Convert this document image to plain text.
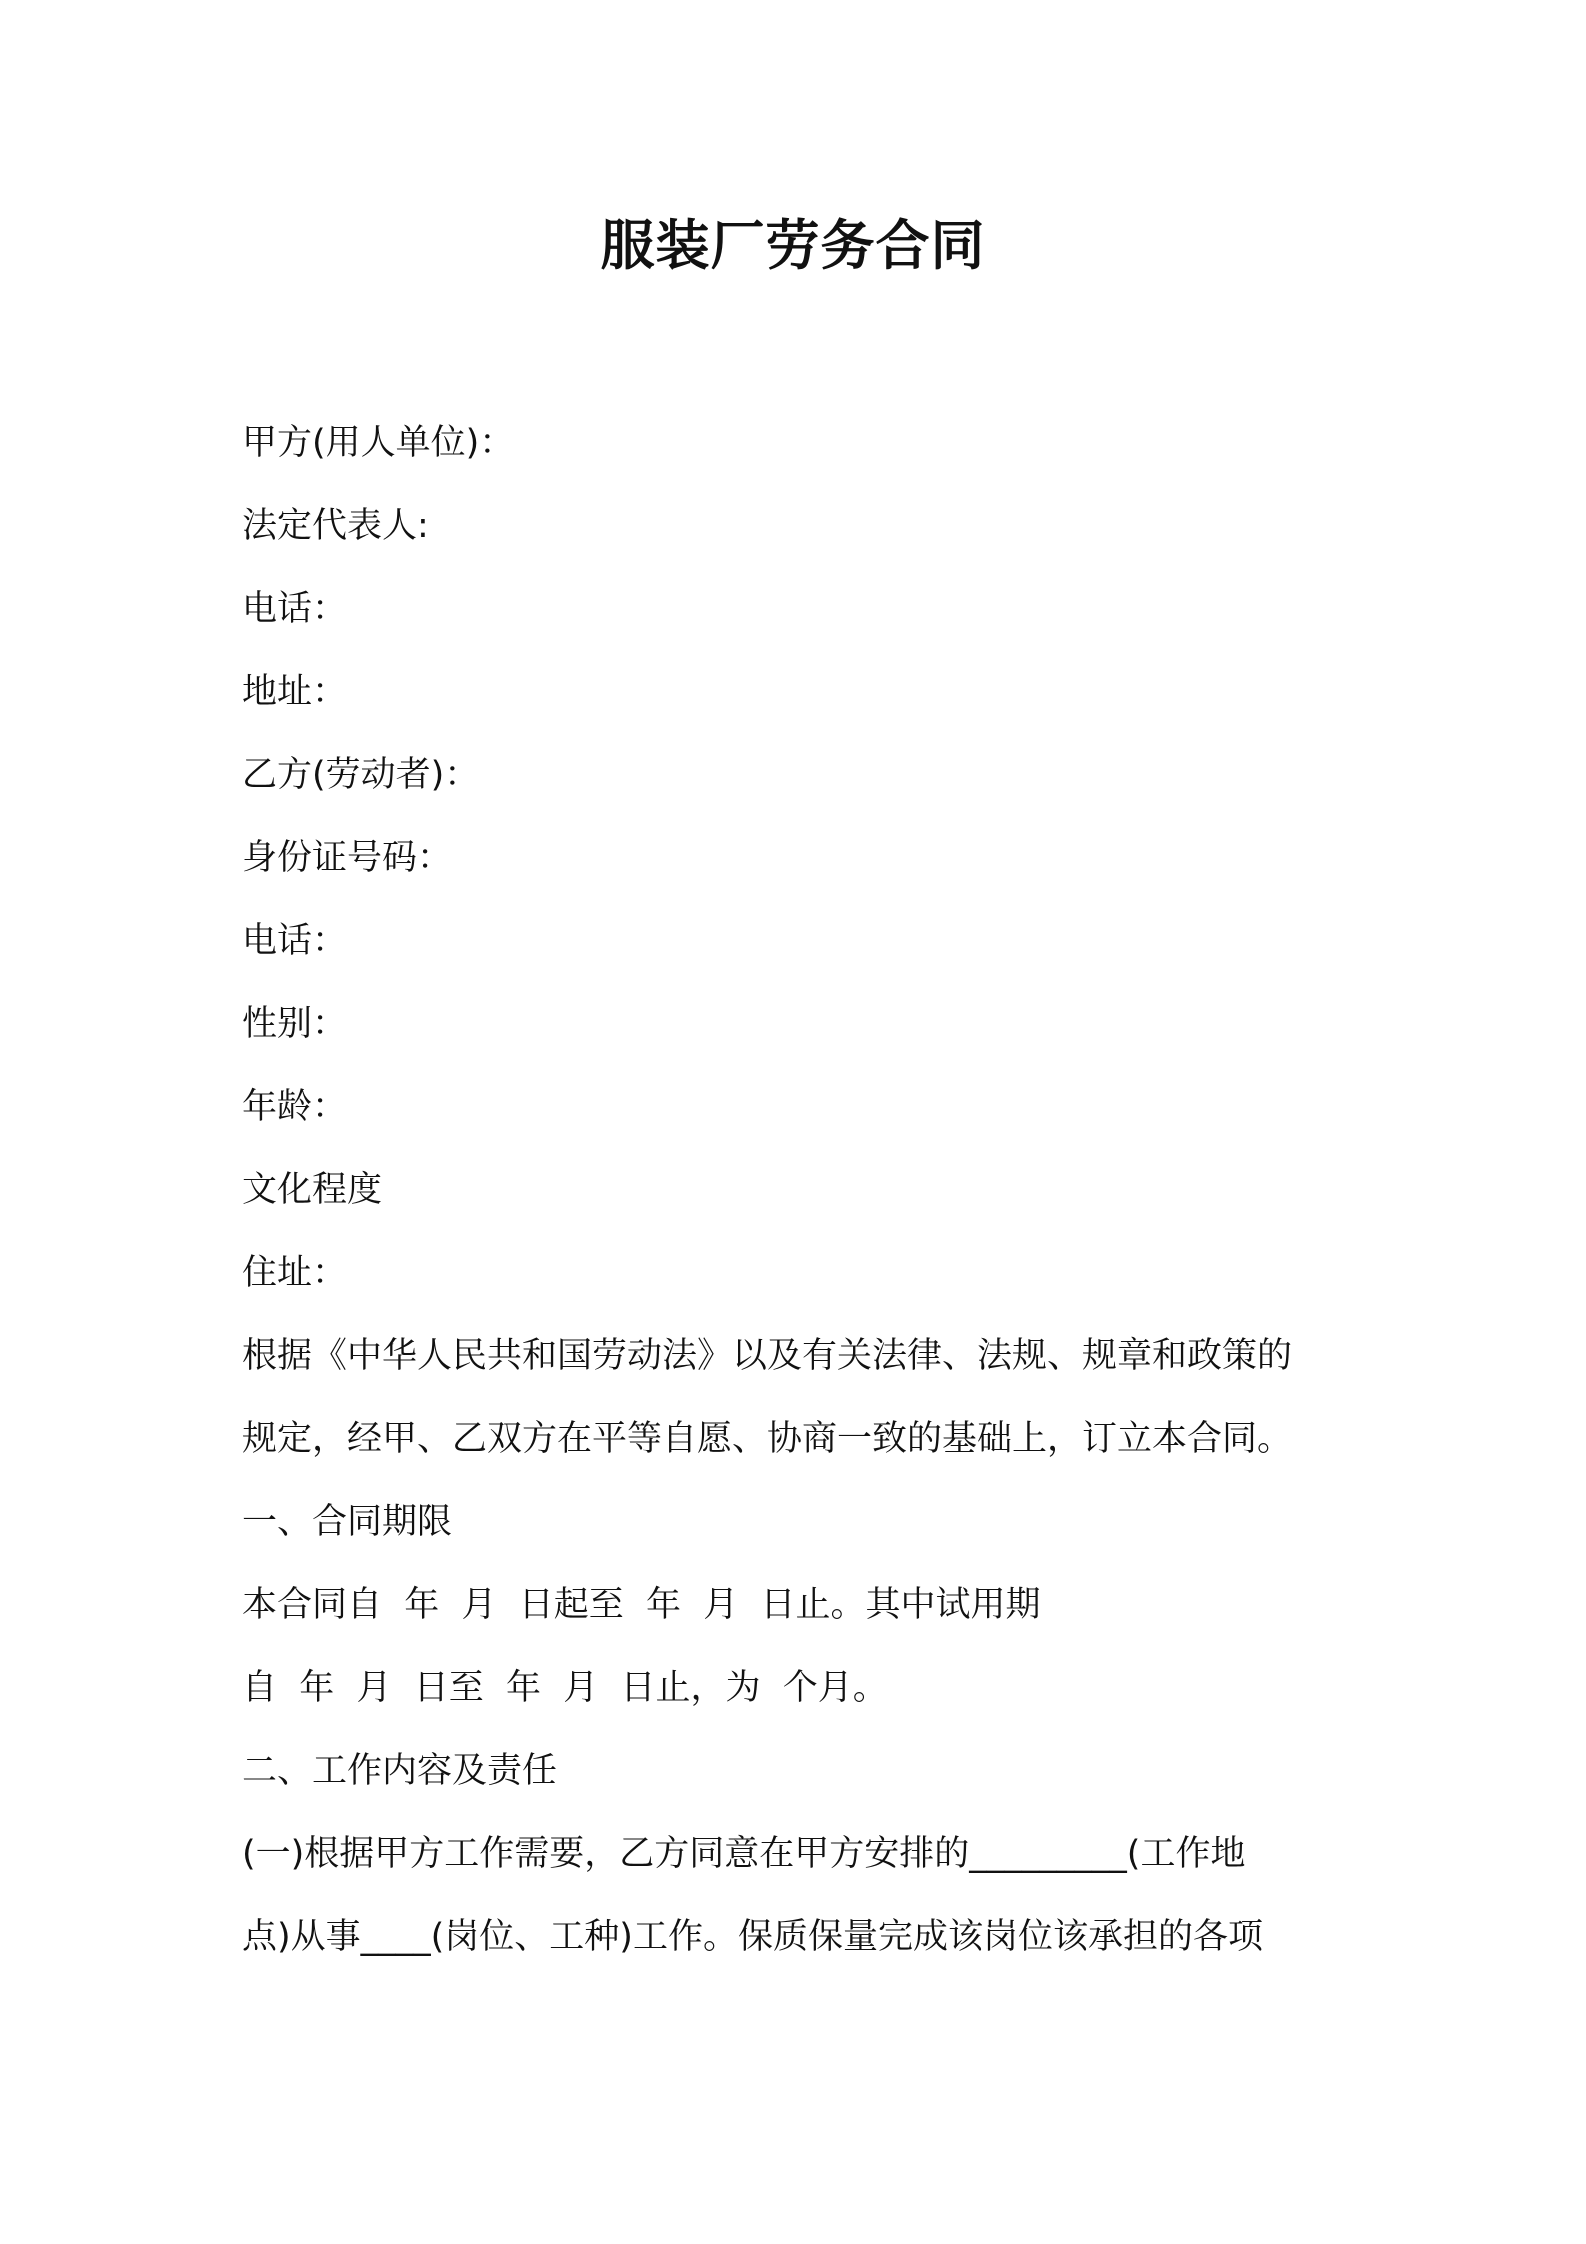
服装厂劳务合同
甲方(用人单位)：
法定代表人:
电话：
地址：
乙方(劳动者)：
身份证号码：
电话：
性别：
年龄：
文化程度
住址：
根据《中华人民共和国劳动法》以及有关法律、法规、规章和政策的
规定，经甲、乙双方在平等自愿、协商一致的基础上，订立本合同。
一、合同期限
本合同自  年  月  日起至  年  月  日止。其中试用期
自  年  月  日至  年  月  日止，为  个月。
二、工作内容及责任
(一)根据甲方工作需要，乙方同意在甲方安排的_________(工作地
点)从事____(岗位、工种)工作。保质保量完成该岗位该承担的各项
